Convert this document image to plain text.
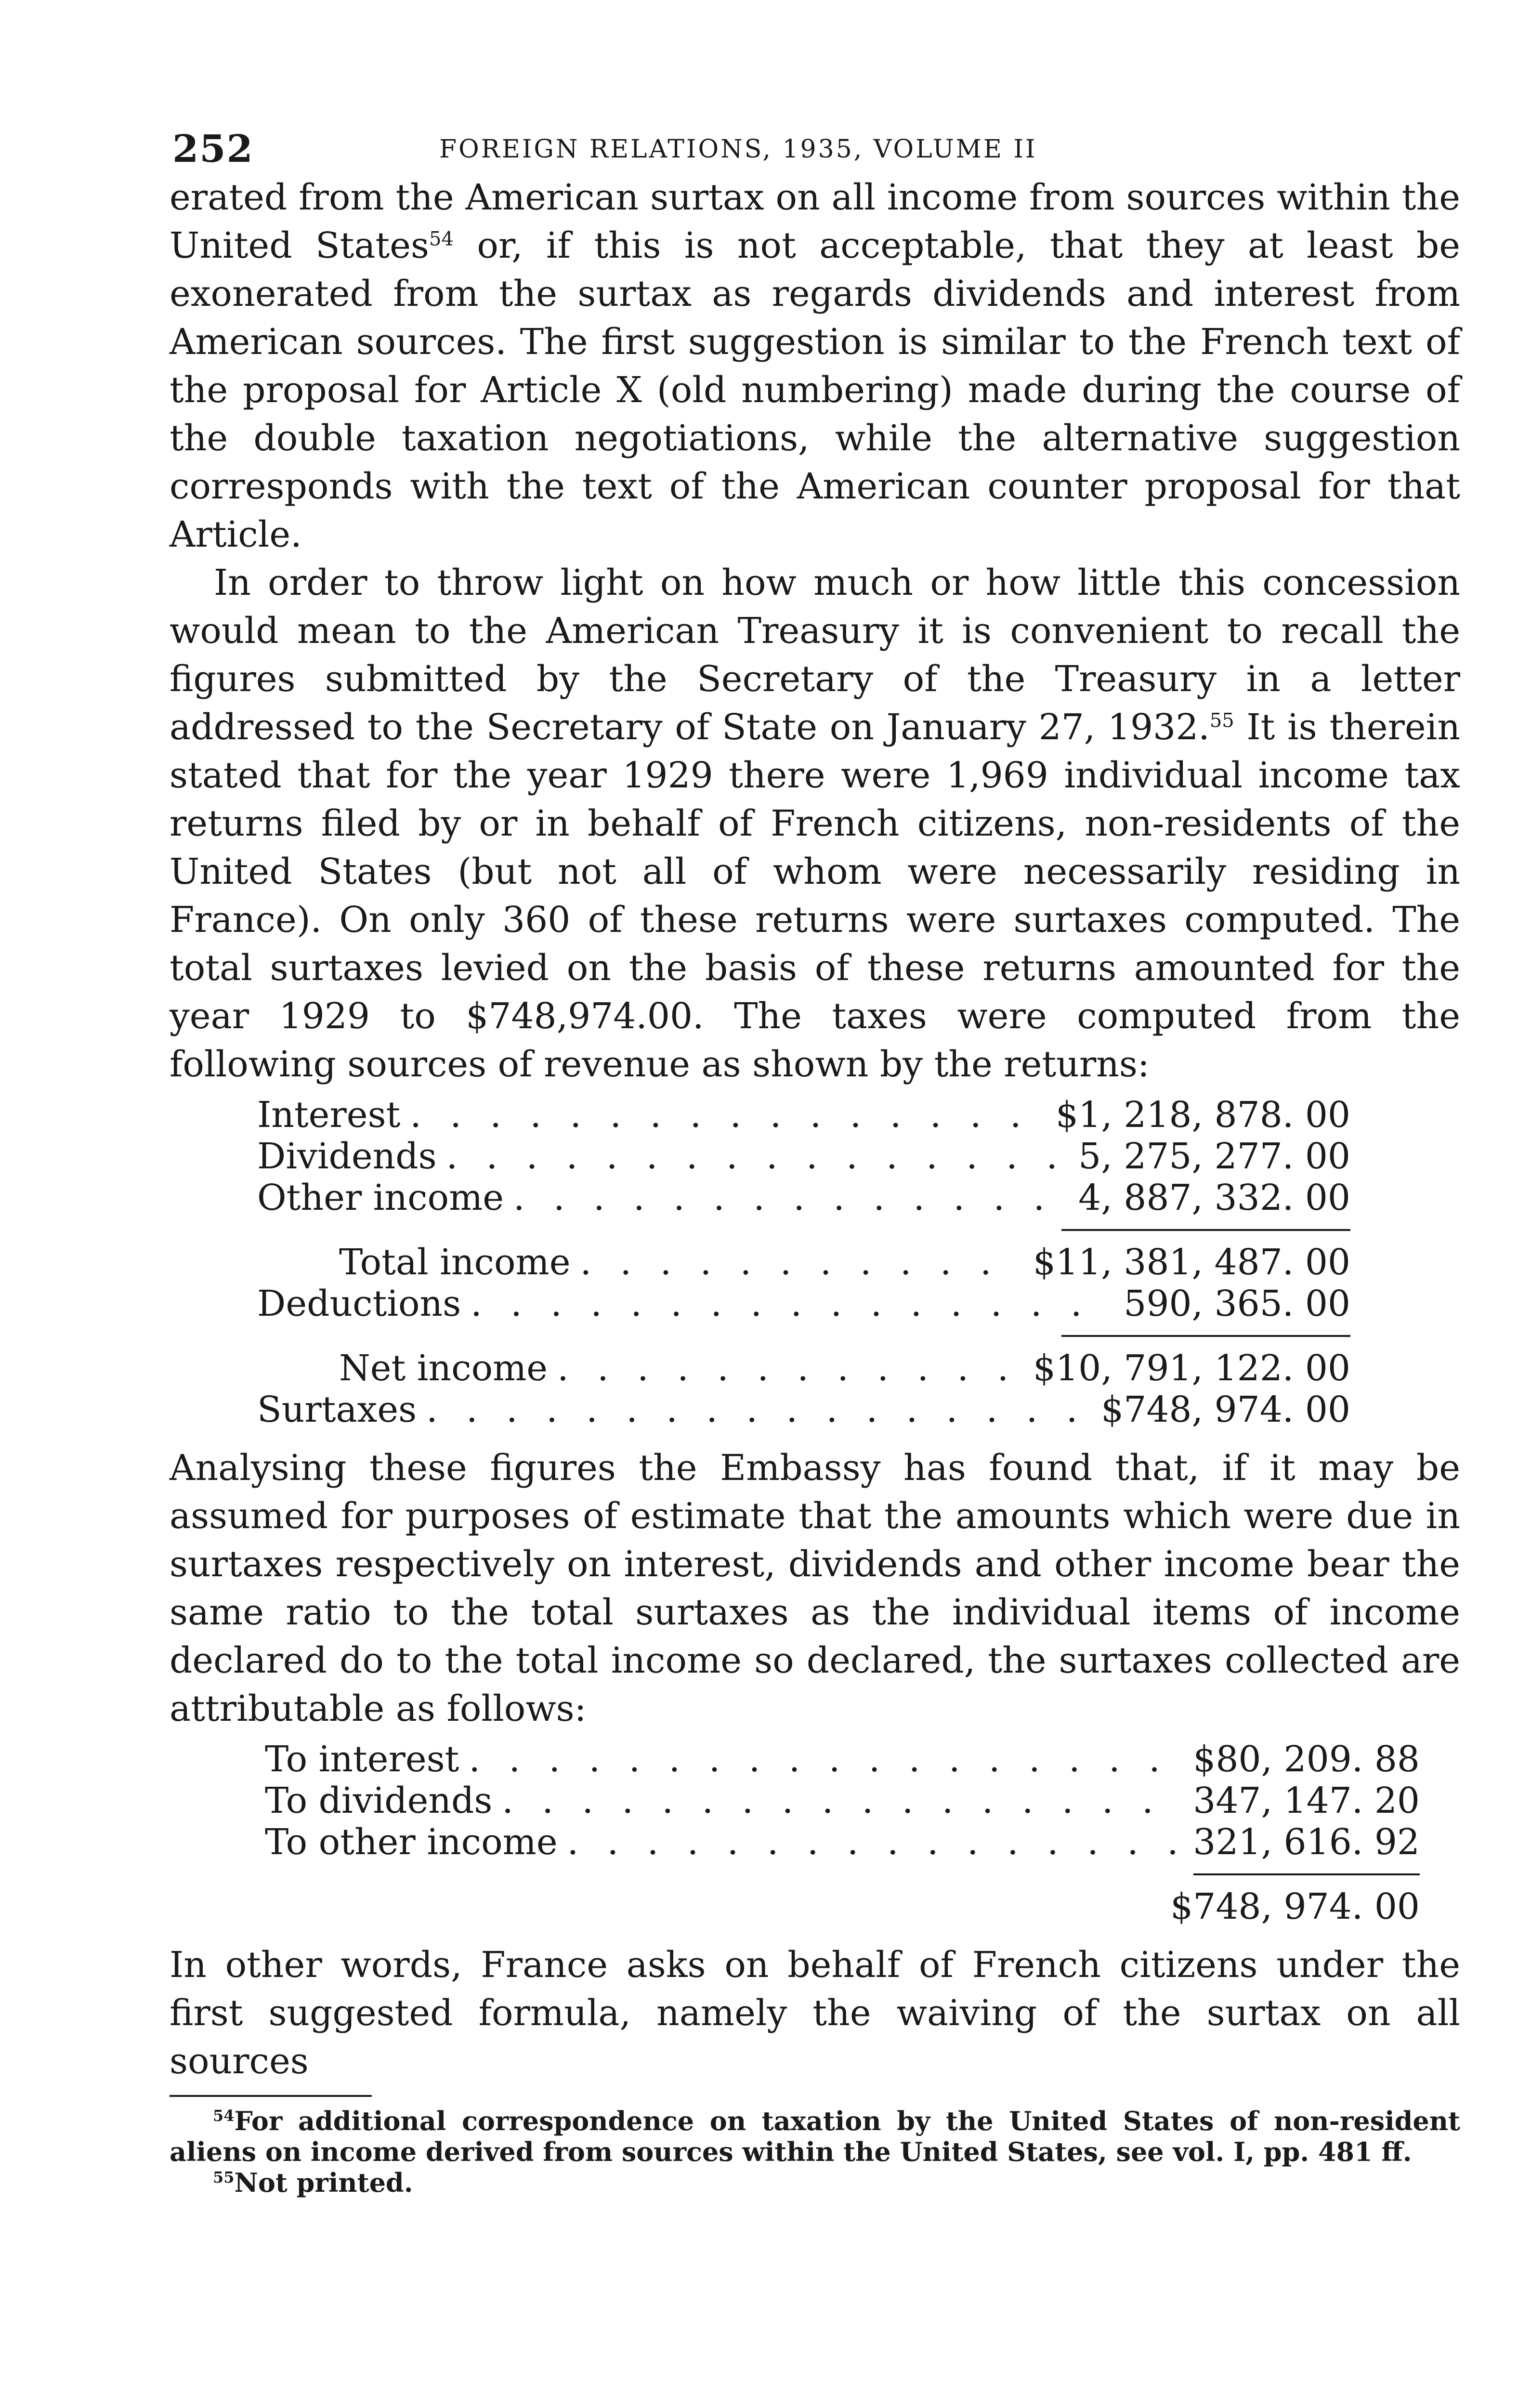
252	FOREIGN RELATIONS, 1935, VOLUME II

erated from the American surtax on all income from sources within the United States$^{54}$ or, if this is not acceptable, that they at least be exonerated from the surtax as regards dividends and interest from American sources. The first suggestion is similar to the French text of the proposal for Article X (old numbering) made during the course of the double taxation negotiations, while the alternative suggestion corresponds with the text of the American counter proposal for that Article.

In order to throw light on how much or how little this concession would mean to the American Treasury it is convenient to recall the figures submitted by the Secretary of the Treasury in a letter addressed to the Secretary of State on January 27, 1932.55 It is therein stated that for the year 1929 there were 1,969 individual income tax returns filed by or in behalf of French citizens, non-residents of the United States (but not all of whom were necessarily residing in France). On only 360 of these returns were surtaxes computed. The total surtaxes levied on the basis of these returns amounted for the year 1929 to $748,974.00. The taxes were computed from the following sources of revenue as shown by the returns:

Interest . . .	$1, 218, 878. 00
Dividends . . .	5, 275, 277. 00
Other income . . .	4, 887, 332. 00
Total income . . .	$11, 381, 487. 00
Deductions . . .	590, 365. 00
Net income . . .	$10, 791, 122. 00
Surtaxes . . .	$748, 974. 00

Analysing these figures the Embassy has found that, if it may be assumed for purposes of estimate that the amounts which were due in surtaxes respectively on interest, dividends and other income bear the same ratio to the total surtaxes as the individual items of income declared do to the total income so declared, the surtaxes collected are attributable as follows:

To interest . . .	$80, 209. 88
To dividends . . .	347, 147. 20
To other income . . .	321, 616. 92
$748, 974. 00

In other words, France asks on behalf of French citizens under the first suggested formula, namely the waiving of the surtax on all sources

$^{54}$For additional correspondence on taxation by the United States of non-resident aliens on income derived from sources within the United States, see vol. I, pp. 481 ff.

$^{55}$Not printed.
